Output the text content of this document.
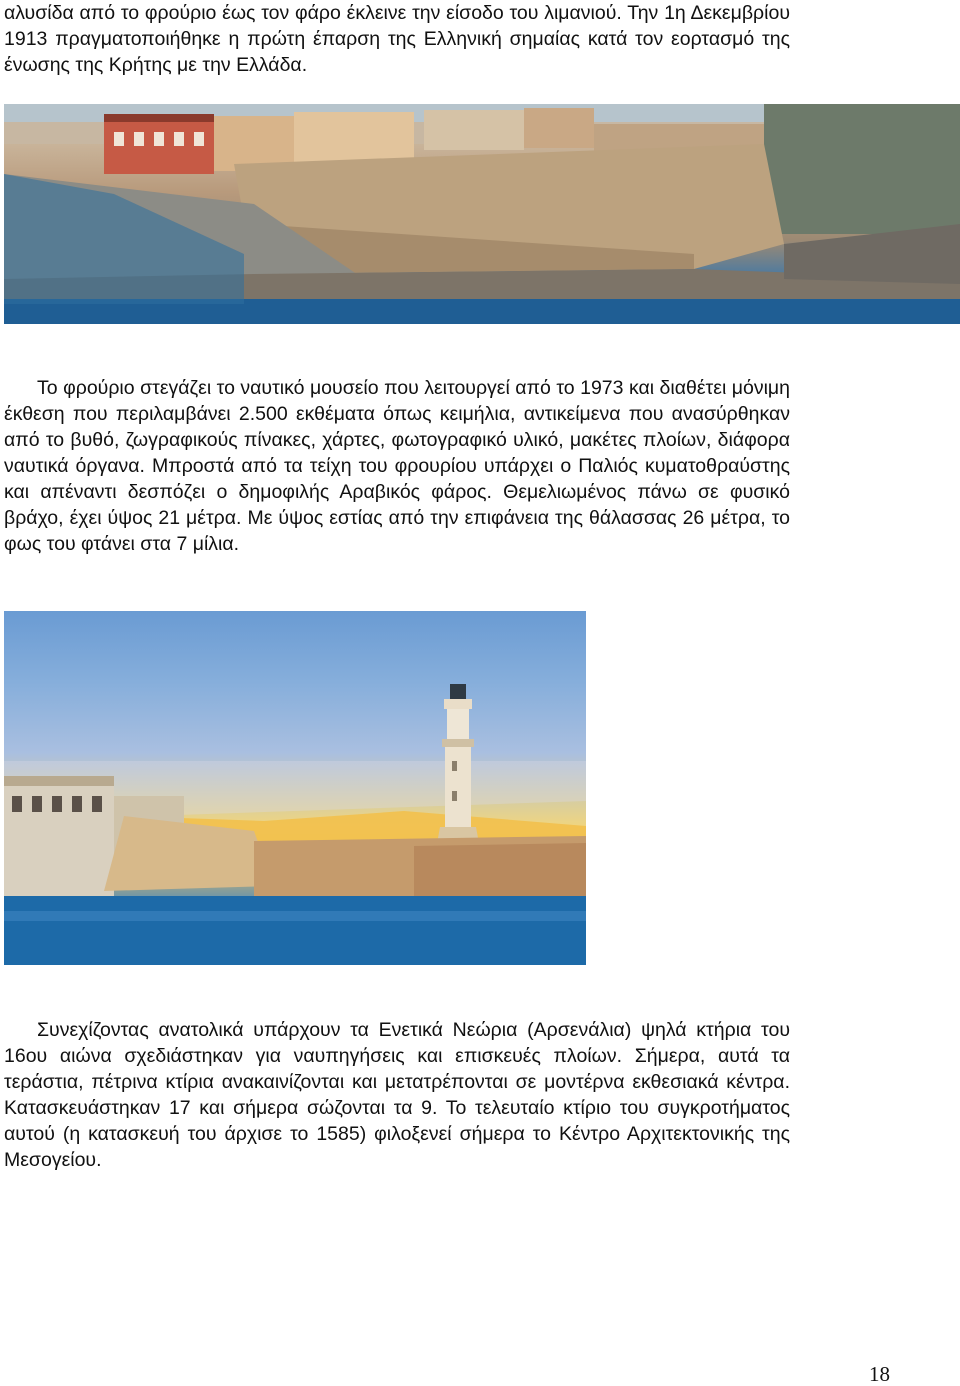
αλυσίδα από το φρούριο έως τον φάρο έκλεινε την είσοδο του λιμανιού. Την 1η Δεκεμβρίου 1913 πραγματοποιήθηκε η πρώτη έπαρση της Ελληνική σημαίας κατά τον εορτασμό της ένωσης της Κρήτης με την Ελλάδα.

Το φρούριο στεγάζει το ναυτικό μουσείο που λειτουργεί από το 1973 και διαθέτει μόνιμη έκθεση που περιλαμβάνει 2.500 εκθέματα όπως κειμήλια, αντικείμενα που ανασύρθηκαν από το βυθό, ζωγραφικούς πίνακες, χάρτες, φωτογραφικό υλικό, μακέτες πλοίων, διάφορα ναυτικά όργανα. Μπροστά από τα τείχη του φρουρίου υπάρχει ο Παλιός κυματοθραύστης και απέναντι δεσπόζει ο δημοφιλής Αραβικός φάρος. Θεμελιωμένος πάνω σε φυσικό βράχο, έχει ύψος 21 μέτρα. Με ύψος εστίας από την επιφάνεια της θάλασσας 26 μέτρα, το φως του φτάνει στα 7 μίλια.

Συνεχίζοντας ανατολικά υπάρχουν τα Ενετικά Νεώρια (Αρσενάλια) ψηλά κτήρια του 16ου αιώνα σχεδιάστηκαν για ναυπηγήσεις και επισκευές πλοίων. Σήμερα, αυτά τα τεράστια, πέτρινα κτίρια ανακαινίζονται και μετατρέπονται σε μοντέρνα εκθεσιακά κέντρα. Κατασκευάστηκαν 17 και σήμερα σώζονται τα 9. Το τελευταίο κτίριο του συγκροτήματος αυτού (η κατασκευή του άρχισε το 1585) φιλοξενεί σήμερα το Κέντρο Αρχιτεκτονικής της Μεσογείου.

18
